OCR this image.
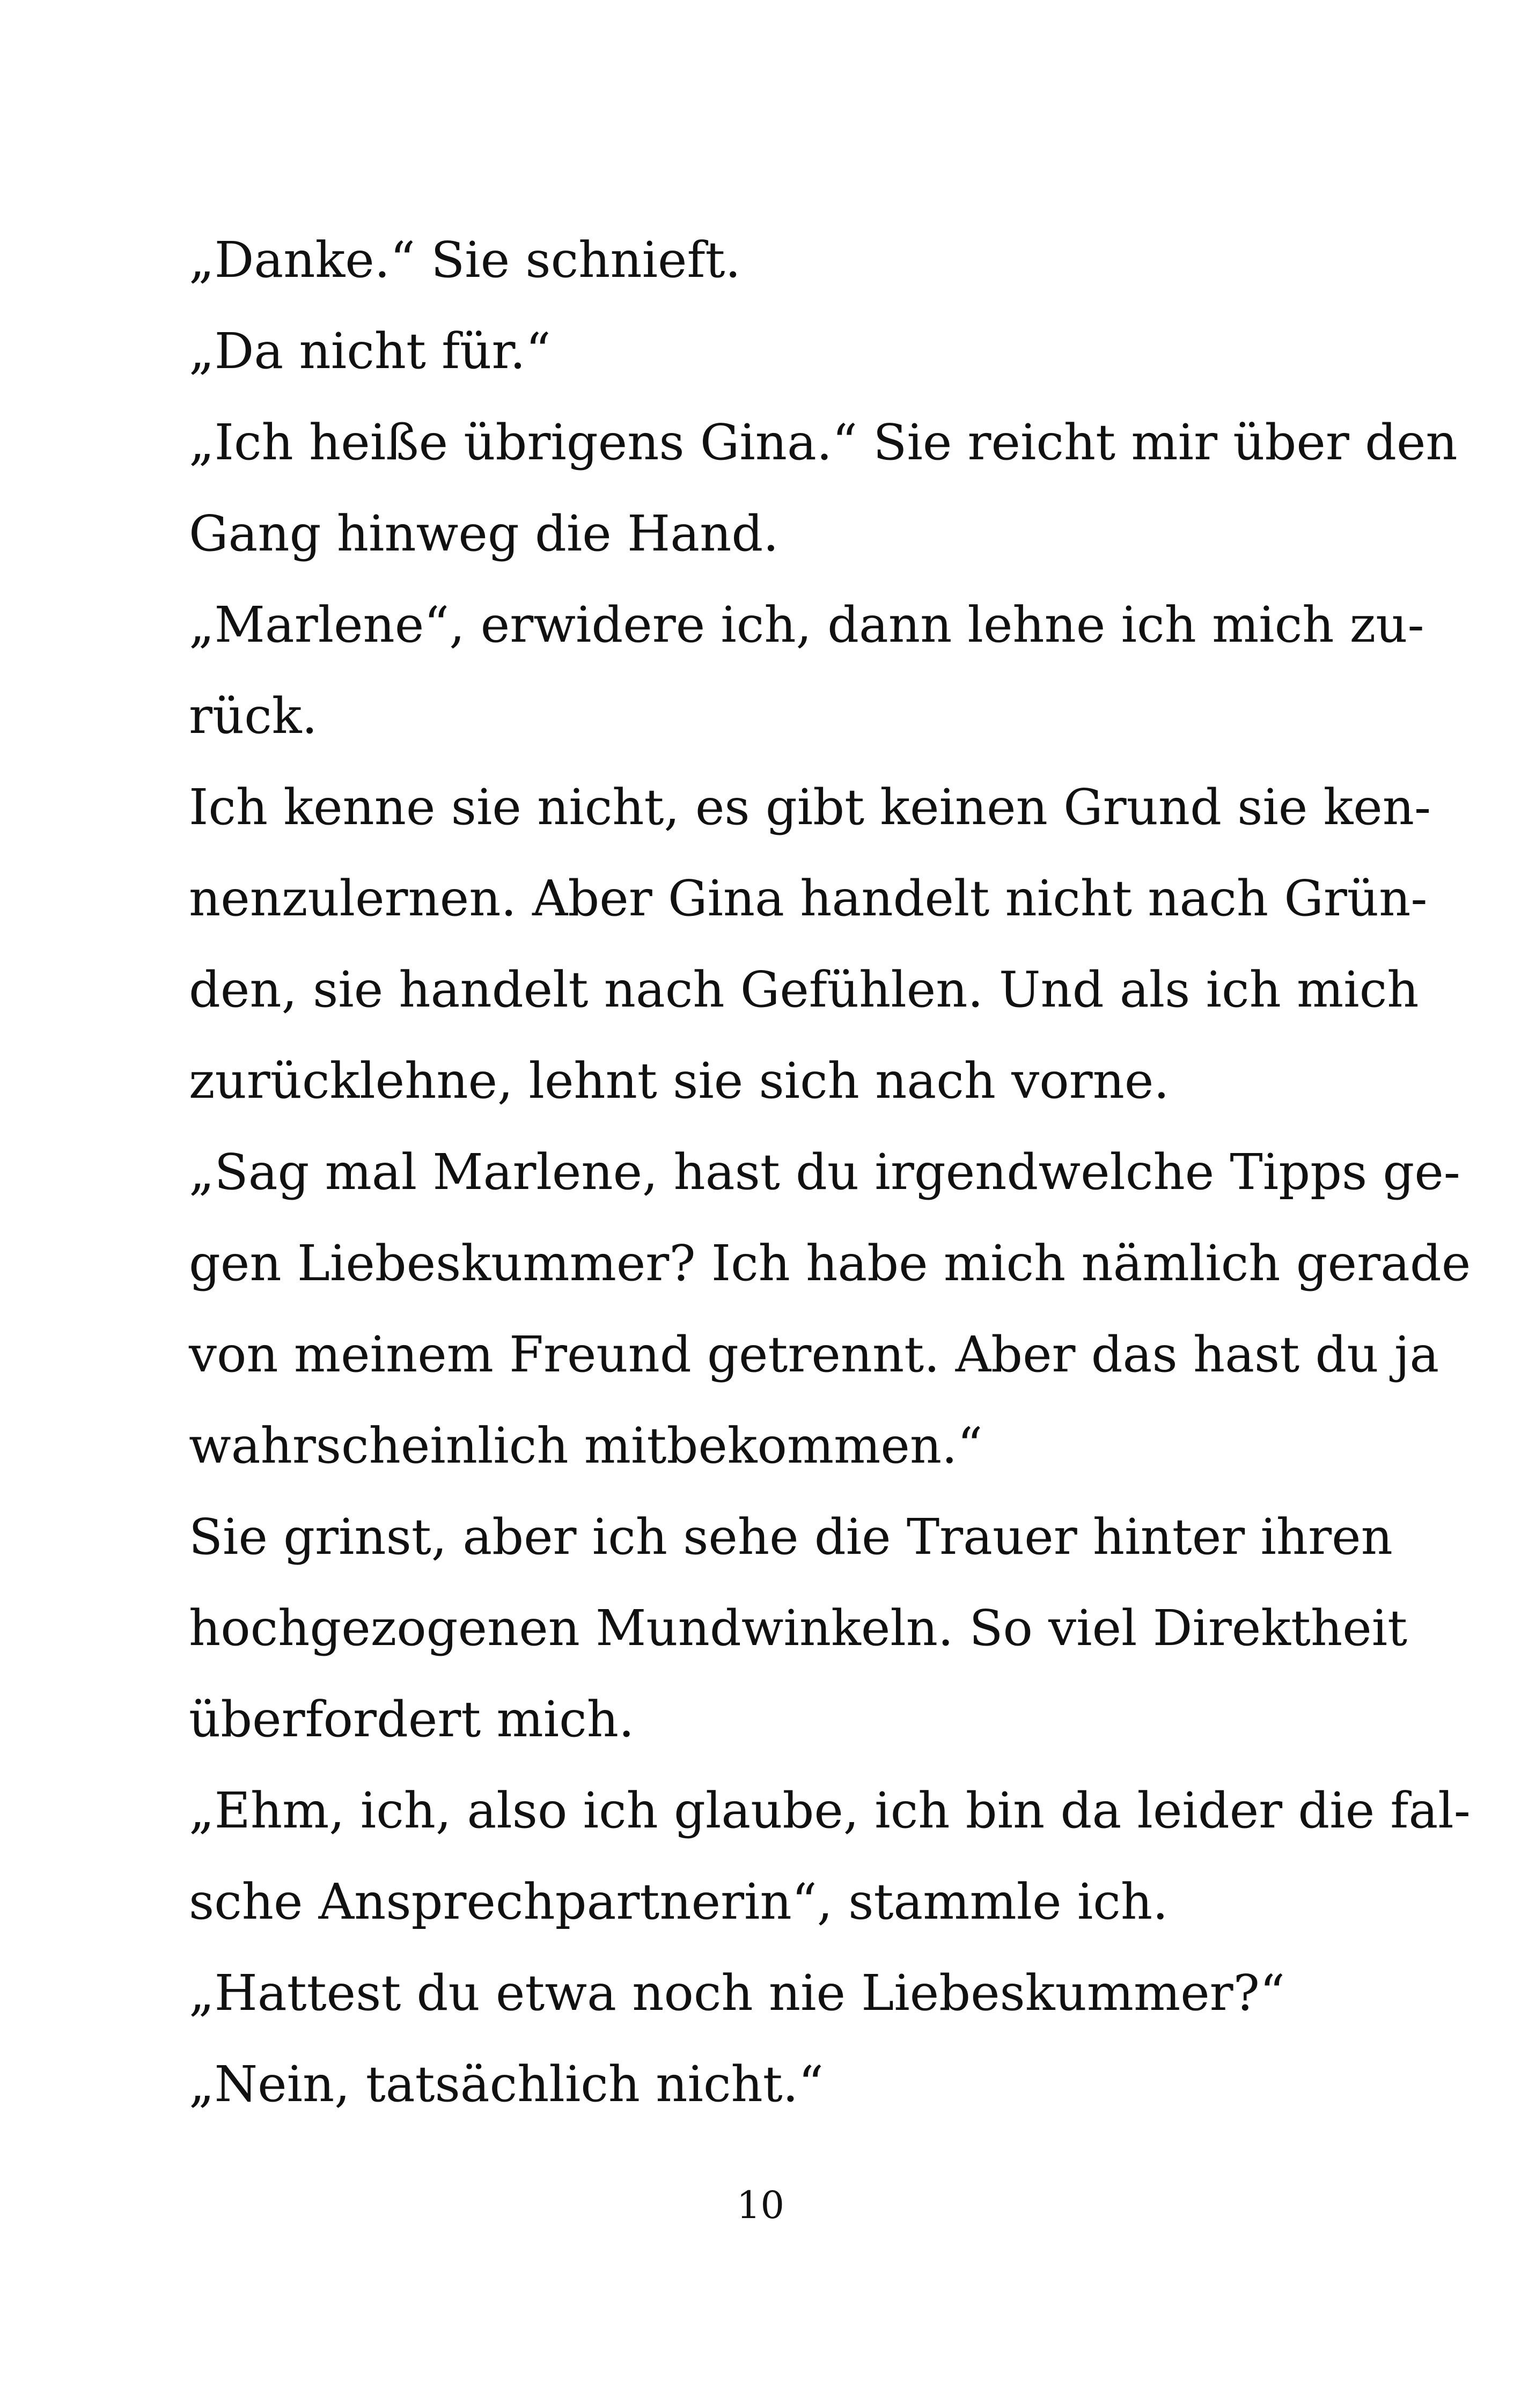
„Danke.“ Sie schnieft.
„Da nicht für.“
„Ich heiße übrigens Gina.“ Sie reicht mir über den
Gang hinweg die Hand.
„Marlene“, erwidere ich, dann lehne ich mich zu-
rück.
Ich kenne sie nicht, es gibt keinen Grund sie ken-
nenzulernen. Aber Gina handelt nicht nach Grün-
den, sie handelt nach Gefühlen. Und als ich mich
zurücklehne, lehnt sie sich nach vorne.
„Sag mal Marlene, hast du irgendwelche Tipps ge-
gen Liebeskummer? Ich habe mich nämlich gerade
von meinem Freund getrennt. Aber das hast du ja
wahrscheinlich mitbekommen.“
Sie grinst, aber ich sehe die Trauer hinter ihren
hochgezogenen Mundwinkeln. So viel Direktheit
überfordert mich.
„Ehm, ich, also ich glaube, ich bin da leider die fal-
sche Ansprechpartnerin“, stammle ich.
„Hattest du etwa noch nie Liebeskummer?“
„Nein, tatsächlich nicht.“
10
